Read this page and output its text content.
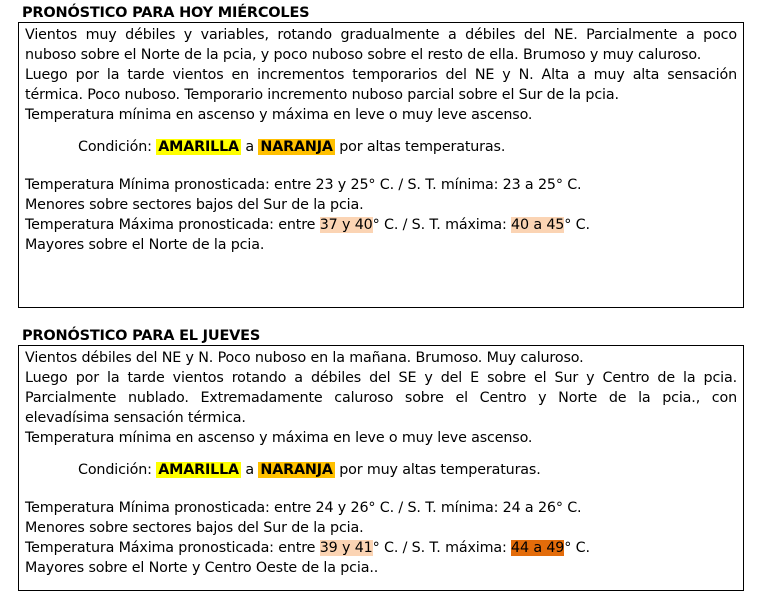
PRONÓSTICO PARA HOY MIÉRCOLES

Vientos muy débiles y variables, rotando gradualmente a débiles del NE. Parcialmente a poco nuboso sobre el Norte de la pcia, y poco nuboso sobre el resto de ella. Brumoso y muy caluroso.

Luego por la tarde vientos en incrementos temporarios del NE y N. Alta a muy alta sensación térmica. Poco nuboso. Temporario incremento nuboso parcial sobre el Sur de la pcia.

Temperatura mínima en ascenso y máxima en leve o muy leve ascenso.

Condición: AMARILLA a NARANJA por altas temperaturas.

Temperatura Mínima pronosticada: entre 23 y 25° C. / S. T. mínima: 23 a 25° C.

Menores sobre sectores bajos del Sur de la pcia.

Temperatura Máxima pronosticada: entre 37 y 40° C. / S. T. máxima: 40 a 45° C.

Mayores sobre el Norte de la pcia.

PRONÓSTICO PARA EL JUEVES

Vientos débiles del NE y N. Poco nuboso en la mañana. Brumoso. Muy caluroso.

Luego por la tarde vientos rotando a débiles del SE y del E sobre el Sur y Centro de la pcia. Parcialmente nublado. Extremadamente caluroso sobre el Centro y Norte de la pcia., con elevadísima sensación térmica.

Temperatura mínima en ascenso y máxima en leve o muy leve ascenso.

Condición: AMARILLA a NARANJA por muy altas temperaturas.

Temperatura Mínima pronosticada: entre 24 y 26° C. / S. T. mínima: 24 a 26° C.

Menores sobre sectores bajos del Sur de la pcia.

Temperatura Máxima pronosticada: entre 39 y 41° C. / S. T. máxima: 44 a 49° C.

Mayores sobre el Norte y Centro Oeste de la pcia..
